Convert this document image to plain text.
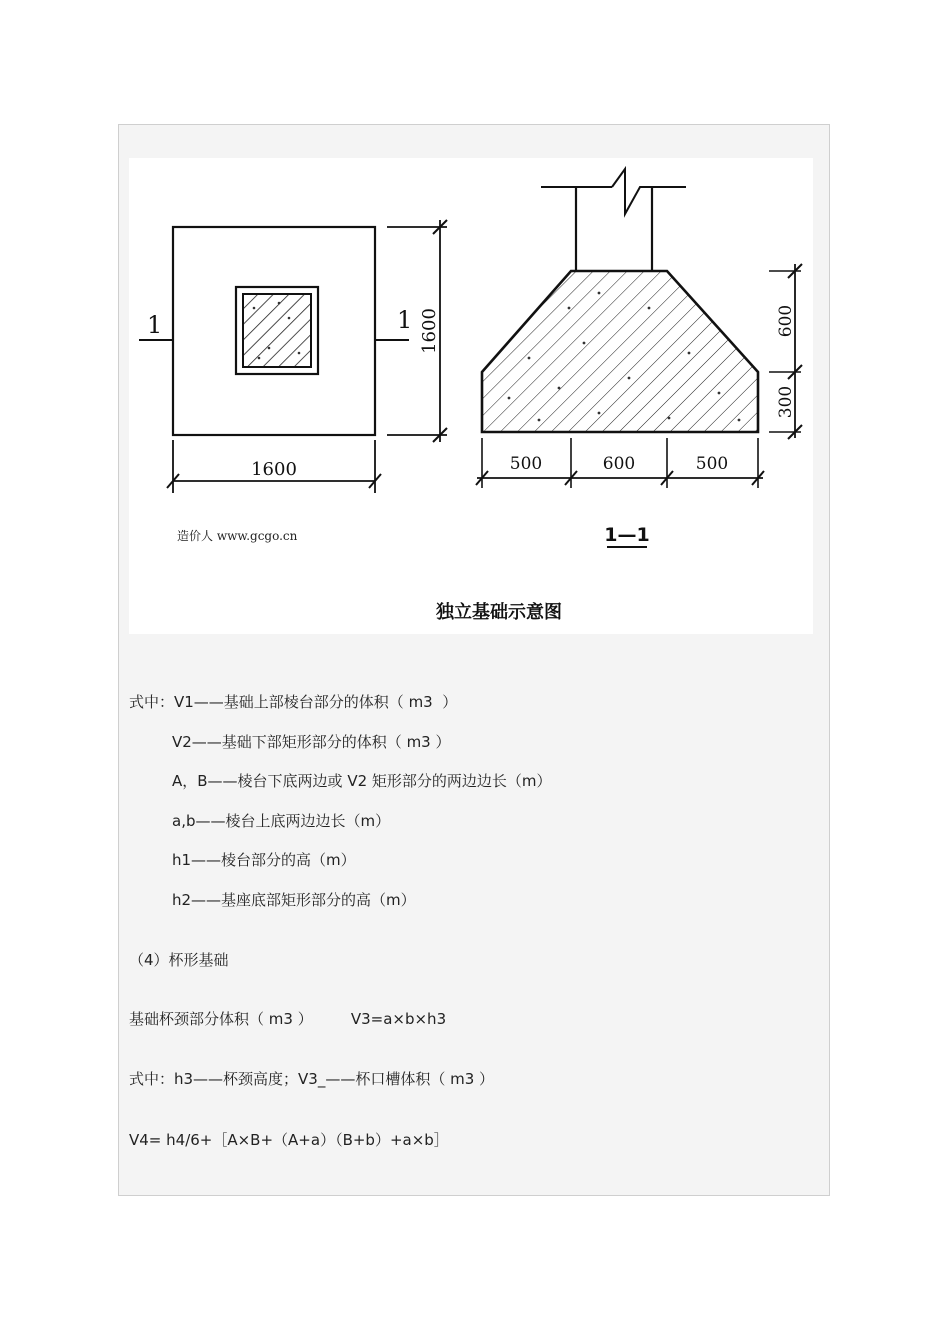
1	1
1600
1600	600
300
500	600	500
1—1
造价人 www.gcgo.cn
独立基础示意图
式中：V1——基础上部棱台部分的体积（ m3  ）
V2——基础下部矩形部分的体积（ m3 ）
A，B——棱台下底两边或 V2 矩形部分的两边边长（m）
a,b——棱台上底两边边长（m）
h1——棱台部分的高（m）
h2——基座底部矩形部分的高（m）
（4）杯形基础
基础杯颈部分体积（ m3 ）        V3=a×b×h3
式中：h3——杯颈高度；V3_——杯口槽体积（ m3 ）
V4= h4/6+［A×B+（A+a）（B+b）+a×b］
